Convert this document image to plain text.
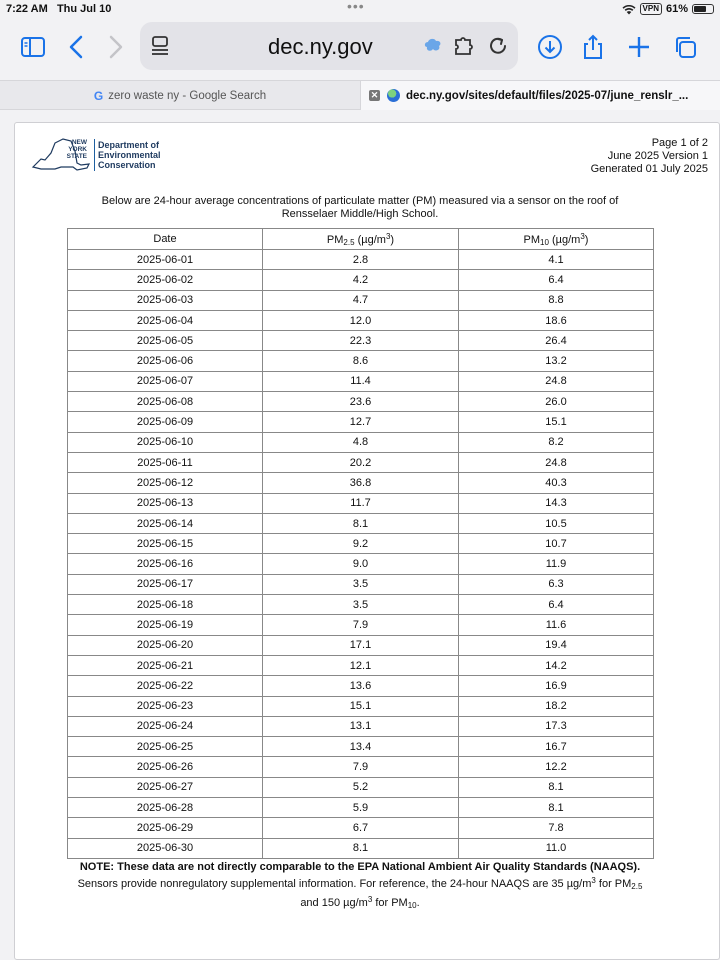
7:22 AM Thu Jul 10	•••	VPN 61%
dec.ny.gov
G zero waste ny - Google Search	✕ dec.ny.gov/sites/default/files/2025-07/june_renslr_...
NEW
YORK
STATE
Department of
Environmental
Conservation
Page 1 of 2
June 2025 Version 1
Generated 01 July 2025
Below are 24-hour average concentrations of particulate matter (PM) measured via a sensor on the roof of
Rensselaer Middle/High School.
Date	$PM_{2.5}$ $(\mu g/m^3)$	$PM_{10}$ $(\mu g/m^3)$
2025-06-01	2.8	4.1
2025-06-02	4.2	6.4
2025-06-03	4.7	8.8
2025-06-04	12.0	18.6
2025-06-05	22.3	26.4
2025-06-06	8.6	13.2
2025-06-07	11.4	24.8
2025-06-08	23.6	26.0
2025-06-09	12.7	15.1
2025-06-10	4.8	8.2
2025-06-11	20.2	24.8
2025-06-12	36.8	40.3
2025-06-13	11.7	14.3
2025-06-14	8.1	10.5
2025-06-15	9.2	10.7
2025-06-16	9.0	11.9
2025-06-17	3.5	6.3
2025-06-18	3.5	6.4
2025-06-19	7.9	11.6
2025-06-20	17.1	19.4
2025-06-21	12.1	14.2
2025-06-22	13.6	16.9
2025-06-23	15.1	18.2
2025-06-24	13.1	17.3
2025-06-25	13.4	16.7
2025-06-26	7.9	12.2
2025-06-27	5.2	8.1
2025-06-28	5.9	8.1
2025-06-29	6.7	7.8
2025-06-30	8.1	11.0
NOTE: These data are not directly comparable to the EPA National Ambient Air Quality Standards (NAAQS).
Sensors provide nonregulatory supplemental information. For reference, the 24-hour NAAQS are 35 $\mu g/m^3$ for $PM_{2.5}$
and 150 $\mu g/m^3$ for $PM_{10}$.
